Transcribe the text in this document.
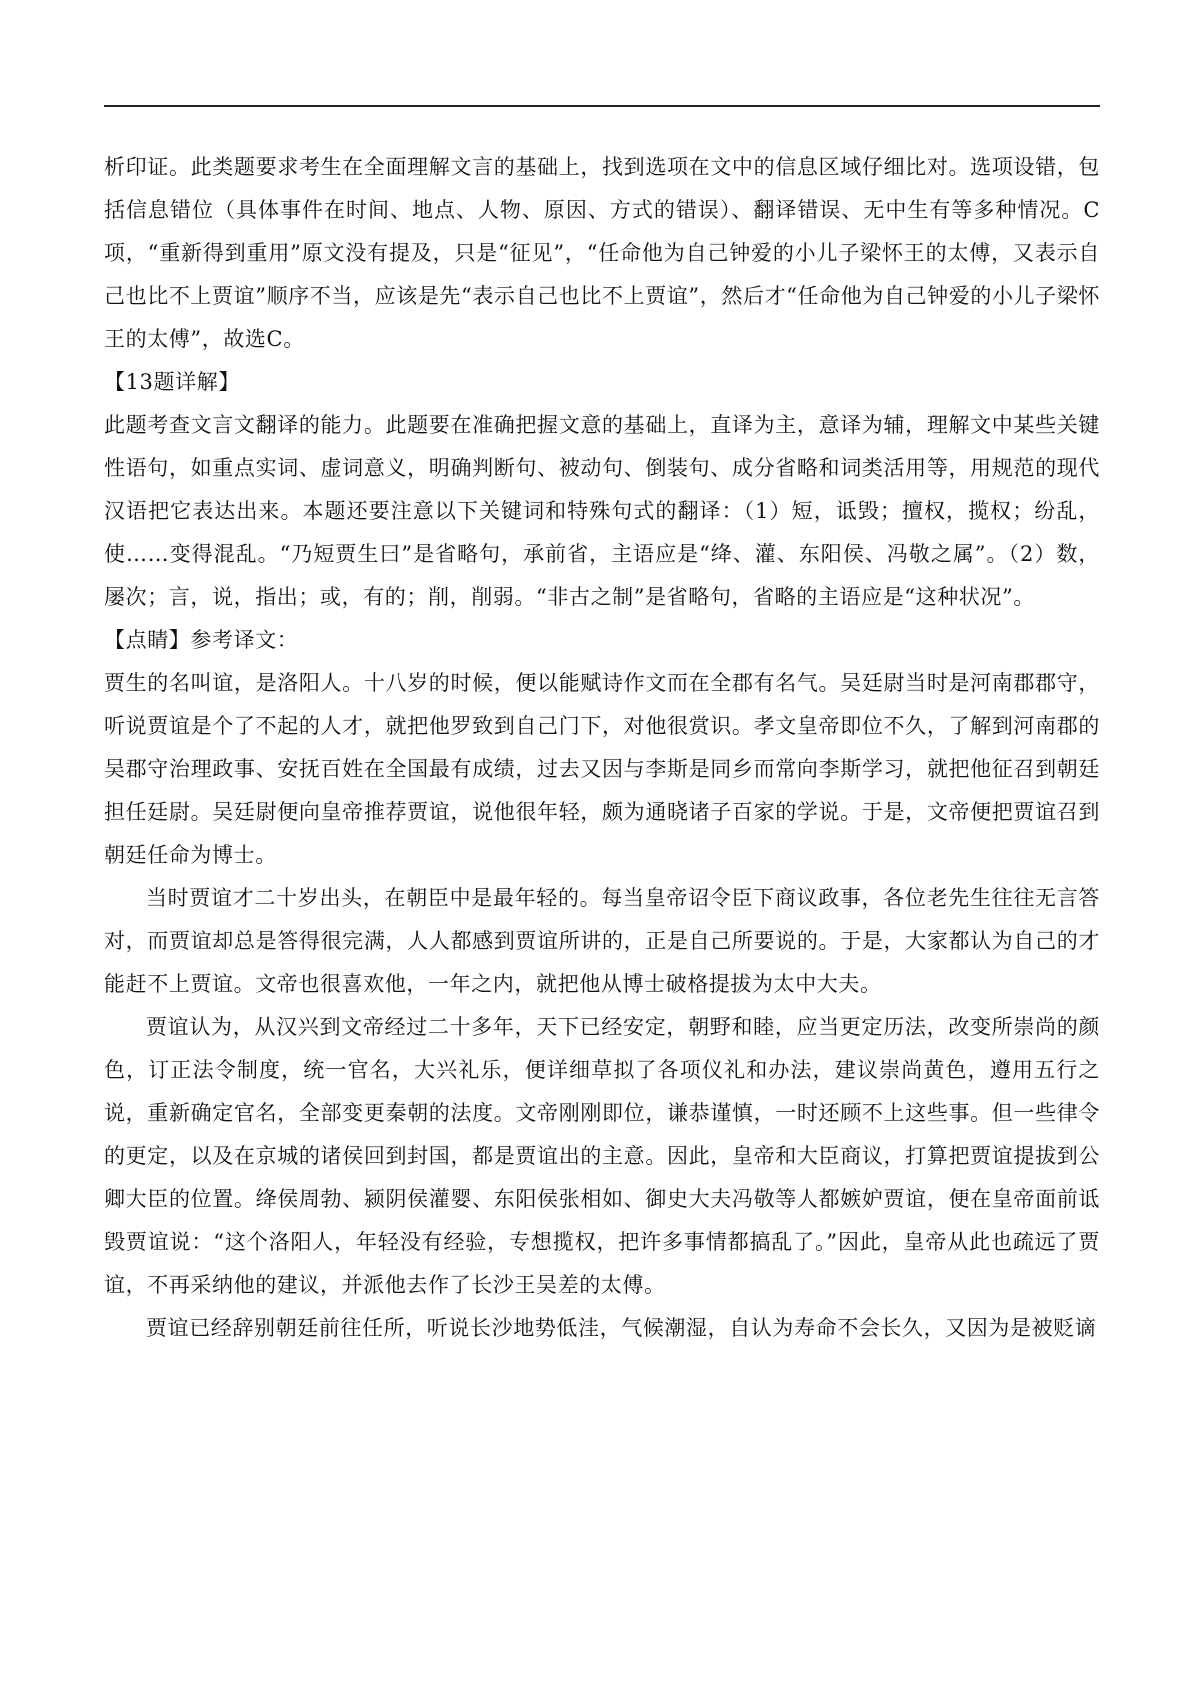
析印证。此类题要求考生在全面理解文言的基础上，找到选项在文中的信息区域仔细比对。选项设错，包括信息错位（具体事件在时间、地点、人物、原因、方式的错误）、翻译错误、无中生有等多种情况。C项，“重新得到重用”原文没有提及，只是“征见”，“任命他为自己钟爱的小儿子梁怀王的太傅，又表示自己也比不上贾谊”顺序不当，应该是先“表示自己也比不上贾谊”，然后才“任命他为自己钟爱的小儿子梁怀王的太傅”，故选C。

【13题详解】

此题考查文言文翻译的能力。此题要在准确把握文意的基础上，直译为主，意译为辅，理解文中某些关键性语句，如重点实词、虚词意义，明确判断句、被动句、倒装句、成分省略和词类活用等，用规范的现代汉语把它表达出来。本题还要注意以下关键词和特殊句式的翻译：（1）短，诋毁；擅权，揽权；纷乱，使……变得混乱。“乃短贾生曰”是省略句，承前省，主语应是“绛、灌、东阳侯、冯敬之属”。（2）数，屡次；言，说，指出；或，有的；削，削弱。“非古之制”是省略句，省略的主语应是“这种状况”。

【点睛】参考译文：

贾生的名叫谊，是洛阳人。十八岁的时候，便以能赋诗作文而在全郡有名气。吴廷尉当时是河南郡郡守，听说贾谊是个了不起的人才，就把他罗致到自己门下，对他很赏识。孝文皇帝即位不久，了解到河南郡的吴郡守治理政事、安抚百姓在全国最有成绩，过去又因与李斯是同乡而常向李斯学习，就把他征召到朝廷担任廷尉。吴廷尉便向皇帝推荐贾谊，说他很年轻，颇为通晓诸子百家的学说。于是，文帝便把贾谊召到朝廷任命为博士。

当时贾谊才二十岁出头，在朝臣中是最年轻的。每当皇帝诏令臣下商议政事，各位老先生往往无言答对，而贾谊却总是答得很完满，人人都感到贾谊所讲的，正是自己所要说的。于是，大家都认为自己的才能赶不上贾谊。文帝也很喜欢他，一年之内，就把他从博士破格提拔为太中大夫。

贾谊认为，从汉兴到文帝经过二十多年，天下已经安定，朝野和睦，应当更定历法，改变所崇尚的颜色，订正法令制度，统一官名，大兴礼乐，便详细草拟了各项仪礼和办法，建议崇尚黄色，遵用五行之说，重新确定官名，全部变更秦朝的法度。文帝刚刚即位，谦恭谨慎，一时还顾不上这些事。但一些律令的更定，以及在京城的诸侯回到封国，都是贾谊出的主意。因此，皇帝和大臣商议，打算把贾谊提拔到公卿大臣的位置。绛侯周勃、颍阴侯灌婴、东阳侯张相如、御史大夫冯敬等人都嫉妒贾谊，便在皇帝面前诋毁贾谊说：“这个洛阳人，年轻没有经验，专想揽权，把许多事情都搞乱了。”因此，皇帝从此也疏远了贾谊，不再采纳他的建议，并派他去作了长沙王吴差的太傅。

贾谊已经辞别朝廷前往任所，听说长沙地势低洼，气候潮湿，自认为寿命不会长久，又因为是被贬谪
